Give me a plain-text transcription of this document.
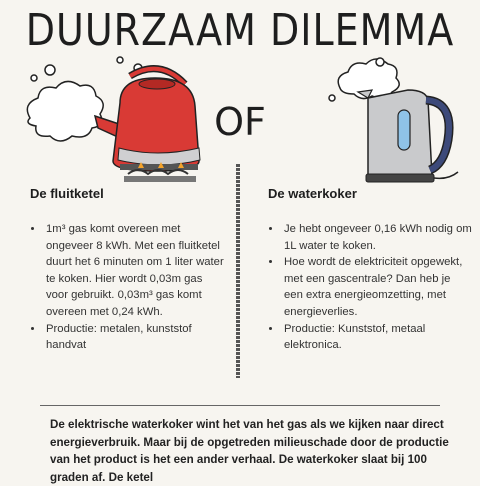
DUURZAAM DILEMMA
OF
De fluitketel	De waterkoker
• 1m³ gas komt overeen met ongeveer 8 kWh. Met een fluitketel duurt het 6 minuten om 1 liter water te koken. Hier wordt 0,03m gas voor gebruikt. 0,03m³ gas komt overeen met 0,24 kWh.
• Productie: metalen, kunststof handvat
• Je hebt ongeveer 0,16 kWh nodig om 1L water te koken.
• Hoe wordt de elektriciteit opgewekt, met een gascentrale? Dan heb je een extra energieomzetting, met energieverlies.
• Productie: Kunststof, metaal elektronica.
De elektrische waterkoker wint het van het gas als we kijken naar direct energieverbruik. Maar bij de opgetreden milieuschade door de productie van het product is het een ander verhaal. De waterkoker slaat bij 100 graden af. De ketel
